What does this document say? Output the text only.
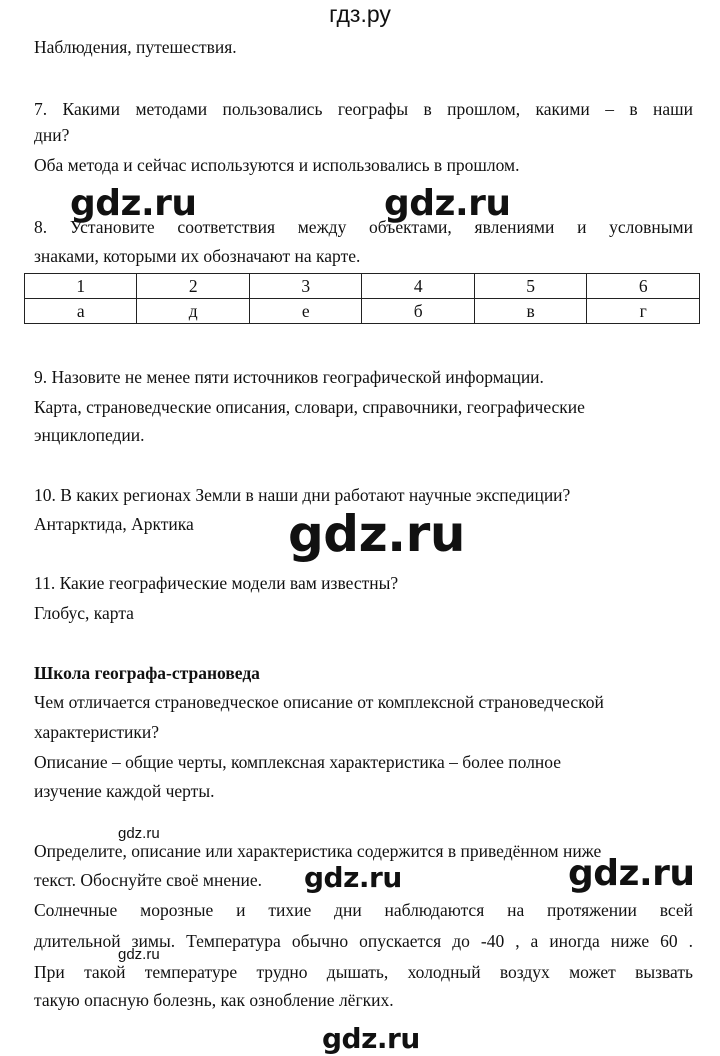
гдз.ру
Наблюдения, путешествия.
7. Какими методами пользовались географы в прошлом, какими – в наши
дни?
Оба метода и сейчас используются и использовались в прошлом.
gdz.ru	gdz.ru
8. Установите соответствия между объектами, явлениями и условными
знаками, которыми их обозначают на карте.
1	2	3	4	5	6
а	д	е	б	в	г
9. Назовите не менее пяти источников географической информации.
Карта, страноведческие описания, словари, справочники, географические
энциклопедии.
10. В каких регионах Земли в наши дни работают научные экспедиции?
Антарктида, Арктика gdz.ru
11. Какие географические модели вам известны?
Глобус, карта
Школа географа-страноведа
Чем отличается страноведческое описание от комплексной страноведческой
характеристики?
Описание – общие черты, комплексная характеристика – более полное
изучение каждой черты.
gdz.ru
Определите, описание или характеристика содержится в приведённом ниже
текст. Обоснуйте своё мнение. gdz.ru	gdz.ru
Солнечные морозные и тихие дни наблюдаются на протяжении всей
gdz.ru
длительной зимы. Температура обычно опускается до -40 , а иногда ниже 60 .
При такой температуре трудно дышать, холодный воздух может вызвать
такую опасную болезнь, как ознобление лёгких.
gdz.ru
